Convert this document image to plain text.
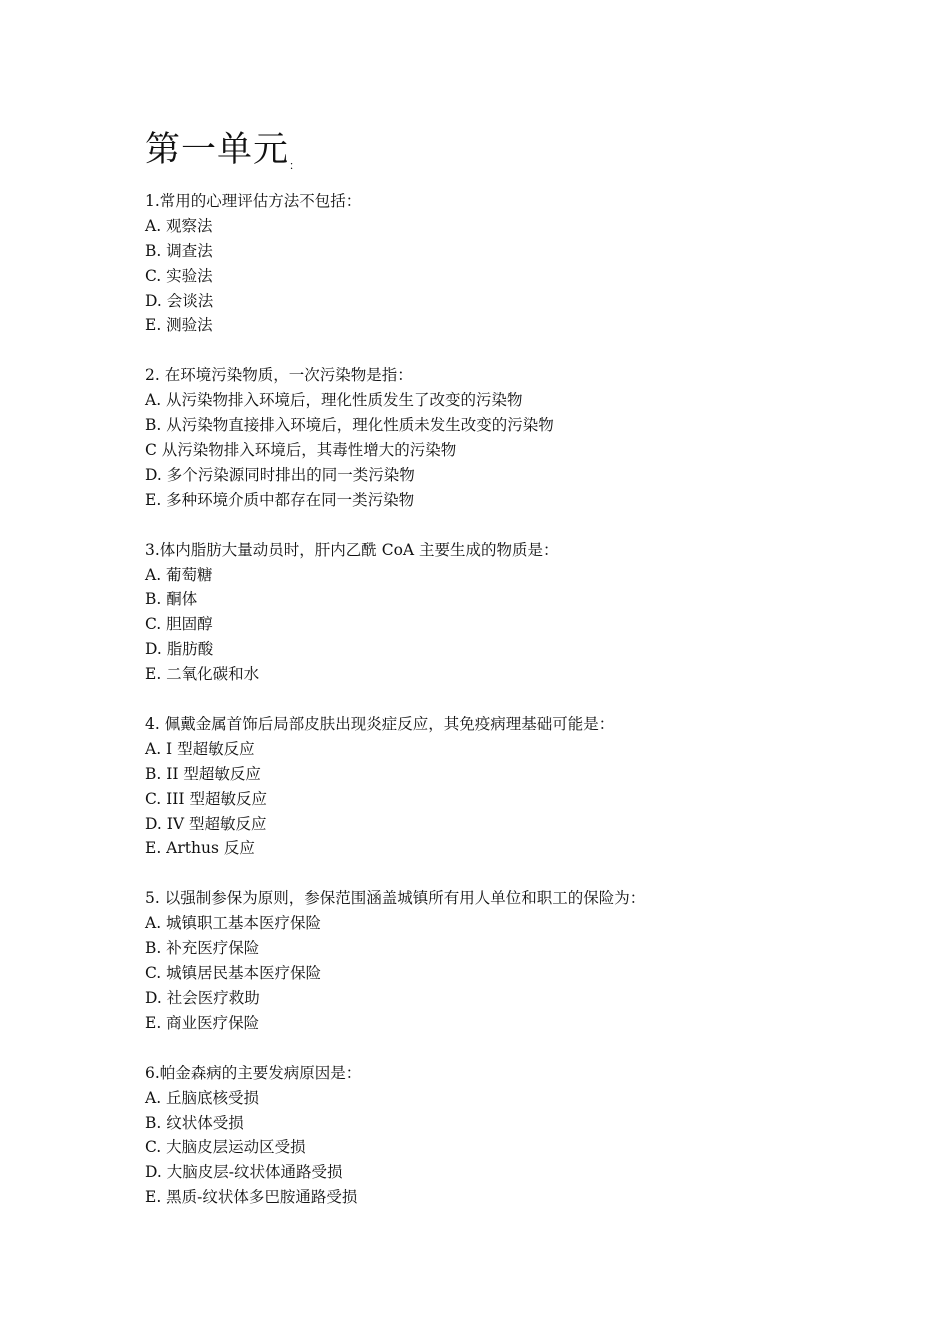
第一单元 ：
1.常用的心理评估方法不包括：
A. 观察法
B. 调查法
C. 实验法
D. 会谈法
E. 测验法
2. 在环境污染物质，一次污染物是指：
A. 从污染物排入环境后，理化性质发生了改变的污染物
B. 从污染物直接排入环境后，理化性质未发生改变的污染物
C 从污染物排入环境后，其毒性增大的污染物
D. 多个污染源同时排出的同一类污染物
E. 多种环境介质中都存在同一类污染物
3.体内脂肪大量动员时，肝内乙酰 CoA 主要生成的物质是：
A. 葡萄糖
B. 酮体
C. 胆固醇
D. 脂肪酸
E. 二氧化碳和水
4. 佩戴金属首饰后局部皮肤出现炎症反应，其免疫病理基础可能是：
A. I 型超敏反应
B. II 型超敏反应
C. III 型超敏反应
D. IV 型超敏反应
E. Arthus 反应
5. 以强制参保为原则，参保范围涵盖城镇所有用人单位和职工的保险为：
A. 城镇职工基本医疗保险
B. 补充医疗保险
C. 城镇居民基本医疗保险
D. 社会医疗救助
E. 商业医疗保险
6.帕金森病的主要发病原因是：
A. 丘脑底核受损
B. 纹状体受损
C. 大脑皮层运动区受损
D. 大脑皮层-纹状体通路受损
E. 黑质-纹状体多巴胺通路受损
